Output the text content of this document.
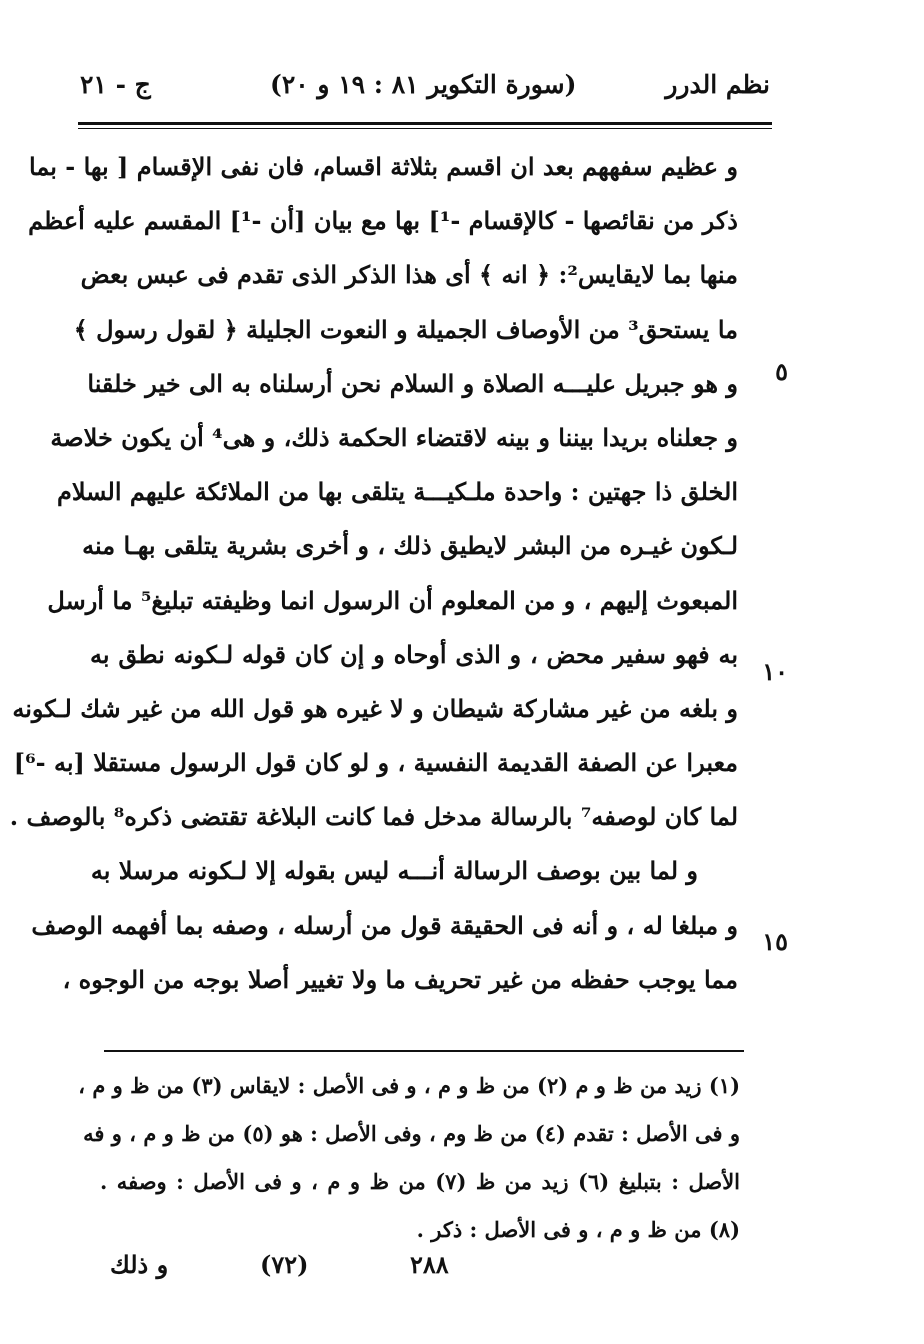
نظم الدرر
(سورة التكوير ٨١ : ١٩ و ٢٠)
ج - ٢١
٥
١٠
١٥
و عظيم سفههم بعد ان اقسم بثلاثة اقسام، فان نفى الإقسام [ بها - بما
ذكر من نقائصها - كالإقسام -¹] بها مع بيان [أن -¹] المقسم عليه أعظم
منها بما لايقايس²: ﴿ انه ﴾ أى هذا الذكر الذى تقدم فى عبس بعض
ما يستحق³ من الأوصاف الجميلة و النعوت الجليلة ﴿ لقول رسول ﴾
و هو جبريل عليـــه الصلاة و السلام نحن أرسلناه به الى خير خلقنا
و جعلناه بريدا بيننا و بينه لاقتضاء الحكمة ذلك، و هى⁴ أن يكون خلاصة
الخلق ذا جهتين : واحدة ملـكيـــة يتلقى بها من الملائكة عليهم السلام
لـكون غيـره من البشر لايطيق ذلك ، و أخرى بشرية يتلقى بهـا منه
المبعوث إليهم ، و من المعلوم أن الرسول انما وظيفته تبليغ⁵ ما أرسل
به فهو سفير محض ، و الذى أوحاه و إن كان قوله لـكونه نطق به
و بلغه من غير مشاركة شيطان و لا غيره هو قول الله من غير شك لـكونه
معبرا عن الصفة القديمة النفسية ، و لو كان قول الرسول مستقلا [به -⁶]
لما كان لوصفه⁷ بالرسالة مدخل فما كانت البلاغة تقتضى ذكره⁸ بالوصف .
و لما بين بوصف الرسالة أنـــه ليس بقوله إلا لـكونه مرسلا به
و مبلغا له ، و أنه فى الحقيقة قول من أرسله ، وصفه بما أفهمه الوصف
مما يوجب حفظه من غير تحريف ما ولا تغيير أصلا بوجه من الوجوه ،
(١) زيد من ظ و م (٢) من ظ و م ، و فى الأصل : لايقاس (٣) من ظ و م ،
و فى الأصل : تقدم (٤) من ظ وم ، وفى الأصل : هو (٥) من ظ و م ، و فه
الأصل : بتبليغ (٦) زيد من ظ (٧) من ظ و م ، و فى الأصل : وصفه .
(٨) من ظ و م ، و فى الأصل : ذكر .
٢٨٨
(٧٢)
و ذلك
